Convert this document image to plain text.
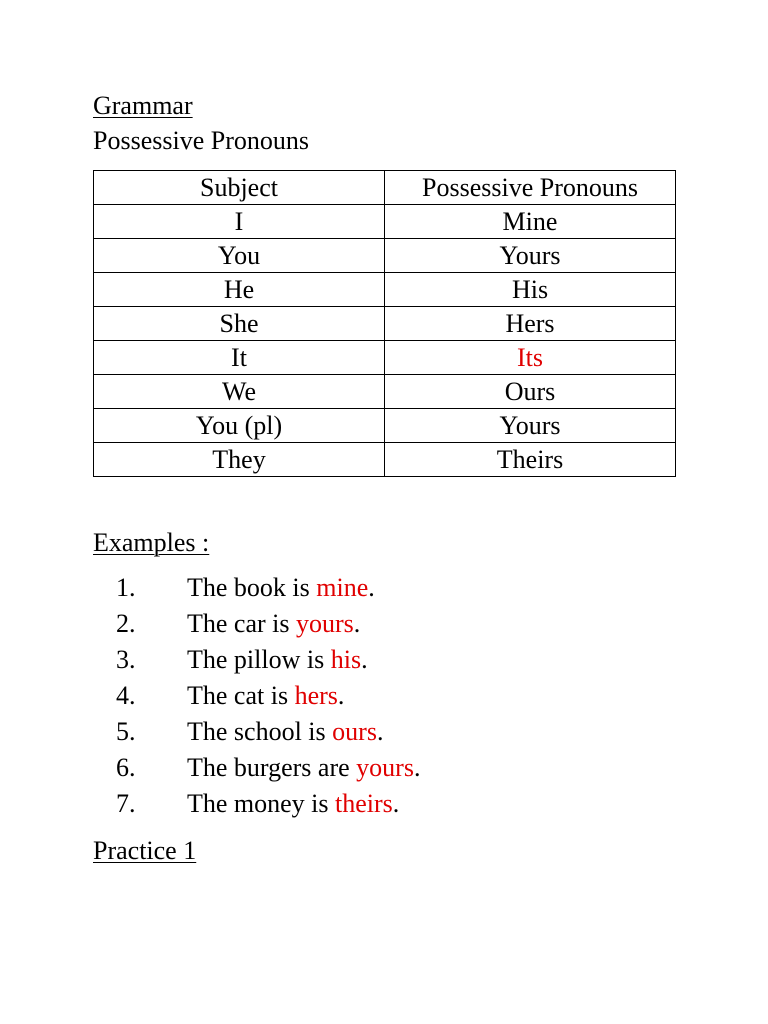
Grammar
Possessive Pronouns
Subject	Possessive Pronouns
I	Mine
You	Yours
He	His
She	Hers
It	Its
We	Ours
You (pl)	Yours
They	Theirs
Examples :
1. The book is mine.
2. The car is yours.
3. The pillow is his.
4. The cat is hers.
5. The school is ours.
6. The burgers are yours.
7. The money is theirs.
Practice 1
